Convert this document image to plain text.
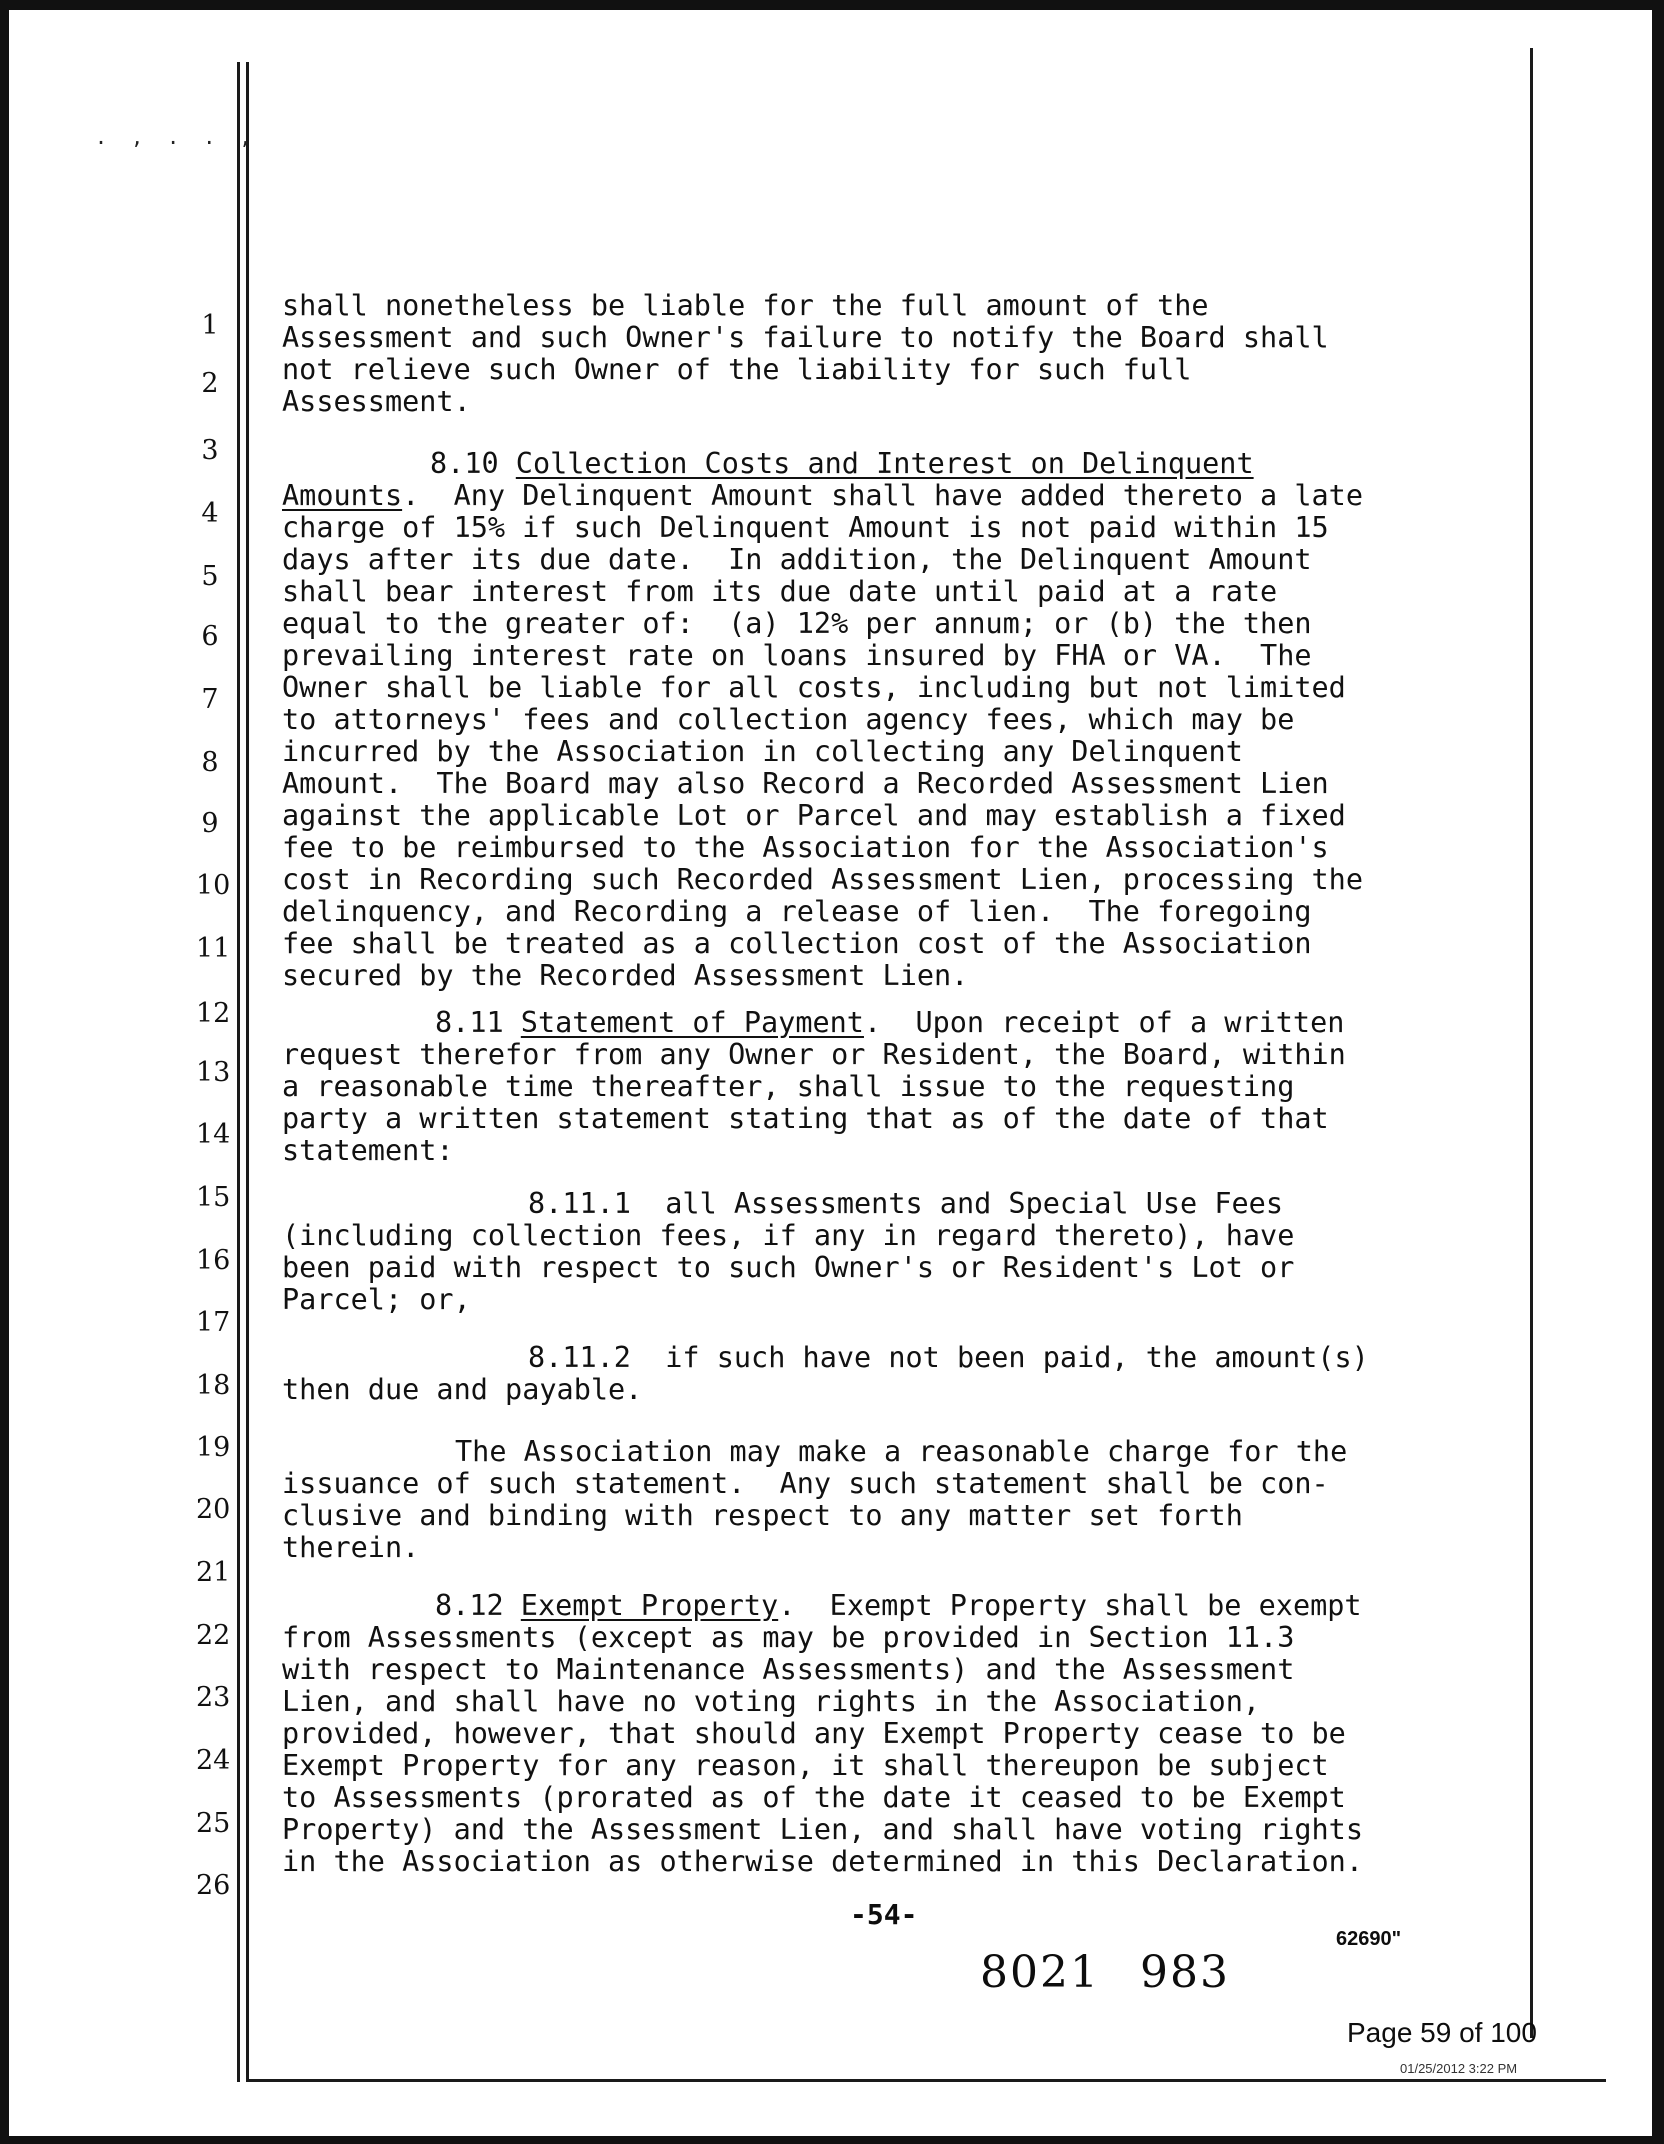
. , . . ,
1
2
3
4
5
6
7
8
9
10
11
12
13
14
15
16
17
18
19
20
21
22
23
24
25
26
shall nonetheless be liable for the full amount of the
Assessment and such Owner's failure to notify the Board shall
not relieve such Owner of the liability for such full
Assessment.
8.10 Collection Costs and Interest on Delinquent
Amounts.  Any Delinquent Amount shall have added thereto a late
charge of 15% if such Delinquent Amount is not paid within 15
days after its due date.  In addition, the Delinquent Amount
shall bear interest from its due date until paid at a rate
equal to the greater of:  (a) 12% per annum; or (b) the then
prevailing interest rate on loans insured by FHA or VA.  The
Owner shall be liable for all costs, including but not limited
to attorneys' fees and collection agency fees, which may be
incurred by the Association in collecting any Delinquent
Amount.  The Board may also Record a Recorded Assessment Lien
against the applicable Lot or Parcel and may establish a fixed
fee to be reimbursed to the Association for the Association's
cost in Recording such Recorded Assessment Lien, processing the
delinquency, and Recording a release of lien.  The foregoing
fee shall be treated as a collection cost of the Association
secured by the Recorded Assessment Lien.
8.11 Statement of Payment.  Upon receipt of a written
request therefor from any Owner or Resident, the Board, within
a reasonable time thereafter, shall issue to the requesting
party a written statement stating that as of the date of that
statement:
8.11.1  all Assessments and Special Use Fees
(including collection fees, if any in regard thereto), have
been paid with respect to such Owner's or Resident's Lot or
Parcel; or,
8.11.2  if such have not been paid, the amount(s)
then due and payable.
The Association may make a reasonable charge for the
issuance of such statement.  Any such statement shall be con-
clusive and binding with respect to any matter set forth
therein.
8.12 Exempt Property.  Exempt Property shall be exempt
from Assessments (except as may be provided in Section 11.3
with respect to Maintenance Assessments) and the Assessment
Lien, and shall have no voting rights in the Association,
provided, however, that should any Exempt Property cease to be
Exempt Property for any reason, it shall thereupon be subject
to Assessments (prorated as of the date it ceased to be Exempt
Property) and the Assessment Lien, and shall have voting rights
in the Association as otherwise determined in this Declaration.
-54-
62690"
8021 983
Page 59 of 100
01/25/2012 3:22 PM
